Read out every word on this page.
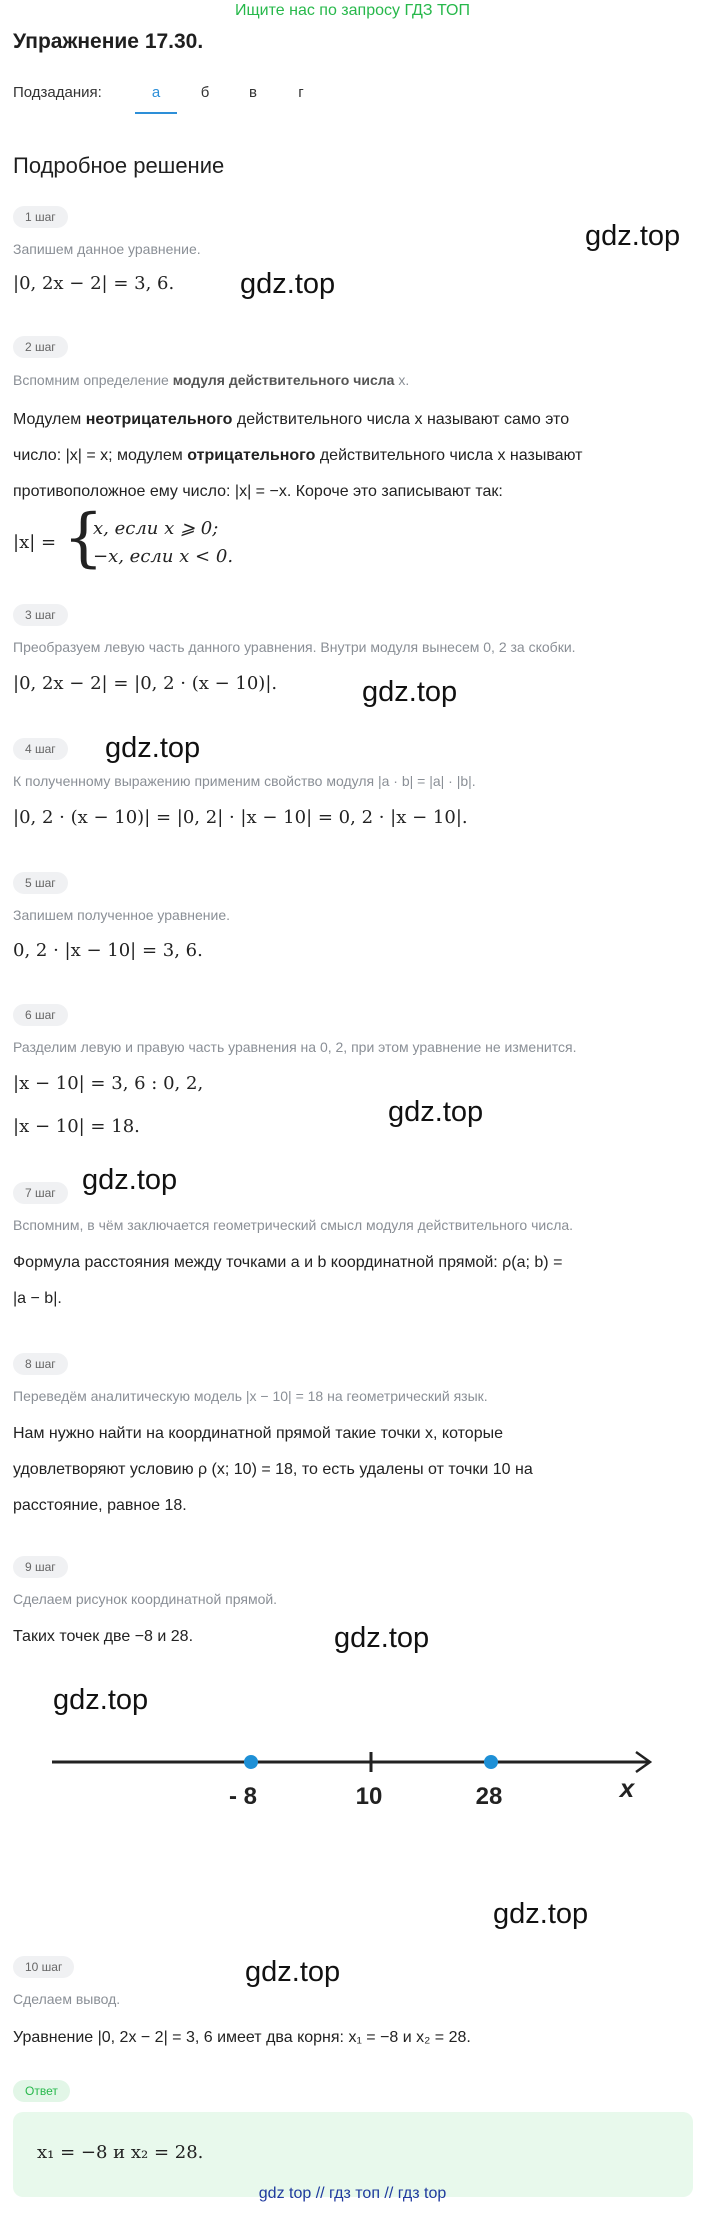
Ищите нас по запросу ГДЗ ТОП
Упражнение 17.30.
Подзадания:	а	б	в	г
Подробное решение
gdz.top
gdz.top
gdz.top
gdz.top
gdz.top
gdz.top
gdz.top
gdz.top
gdz.top
gdz.top
1 шаг
Запишем данное уравнение.
|0, 2x − 2| = 3, 6.
2 шаг
Вспомним определение модуля действительного числа x.
Модулем неотрицательного действительного числа x называют само это
число: |x| = x; модулем отрицательного действительного числа x называют
противоположное ему число: |x| = −x. Короче это записывают так:
|x| = {
x, если x ⩾ 0;
−x, если x < 0.
3 шаг
Преобразуем левую часть данного уравнения. Внутри модуля вынесем 0, 2 за скобки.
|0, 2x − 2| = |0, 2 · (x − 10)|.
4 шаг
К полученному выражению применим свойство модуля |a · b| = |a| · |b|.
|0, 2 · (x − 10)| = |0, 2| · |x − 10| = 0, 2 · |x − 10|.
5 шаг
Запишем полученное уравнение.
0, 2 · |x − 10| = 3, 6.
6 шаг
Разделим левую и правую часть уравнения на 0, 2, при этом уравнение не изменится.
|x − 10| = 3, 6 : 0, 2,
|x − 10| = 18.
7 шаг
Вспомним, в чём заключается геометрический смысл модуля действительного числа.
Формула расстояния между точками a и b координатной прямой: ρ(a; b) =
|a − b|.
8 шаг
Переведём аналитическую модель |x − 10| = 18 на геометрический язык.
Нам нужно найти на координатной прямой такие точки x, которые
удовлетворяют условию ρ (x; 10) = 18, то есть удалены от точки 10 на
расстояние, равное 18.
9 шаг
Сделаем рисунок координатной прямой.
Таких точек две −8 и 28.
- 8	10	28	x
10 шаг
Сделаем вывод.
Уравнение |0, 2x − 2| = 3, 6 имеет два корня: x₁ = −8 и x₂ = 28.
Ответ
x₁ = −8 и x₂ = 28.
gdz top // гдз топ // гдз top
